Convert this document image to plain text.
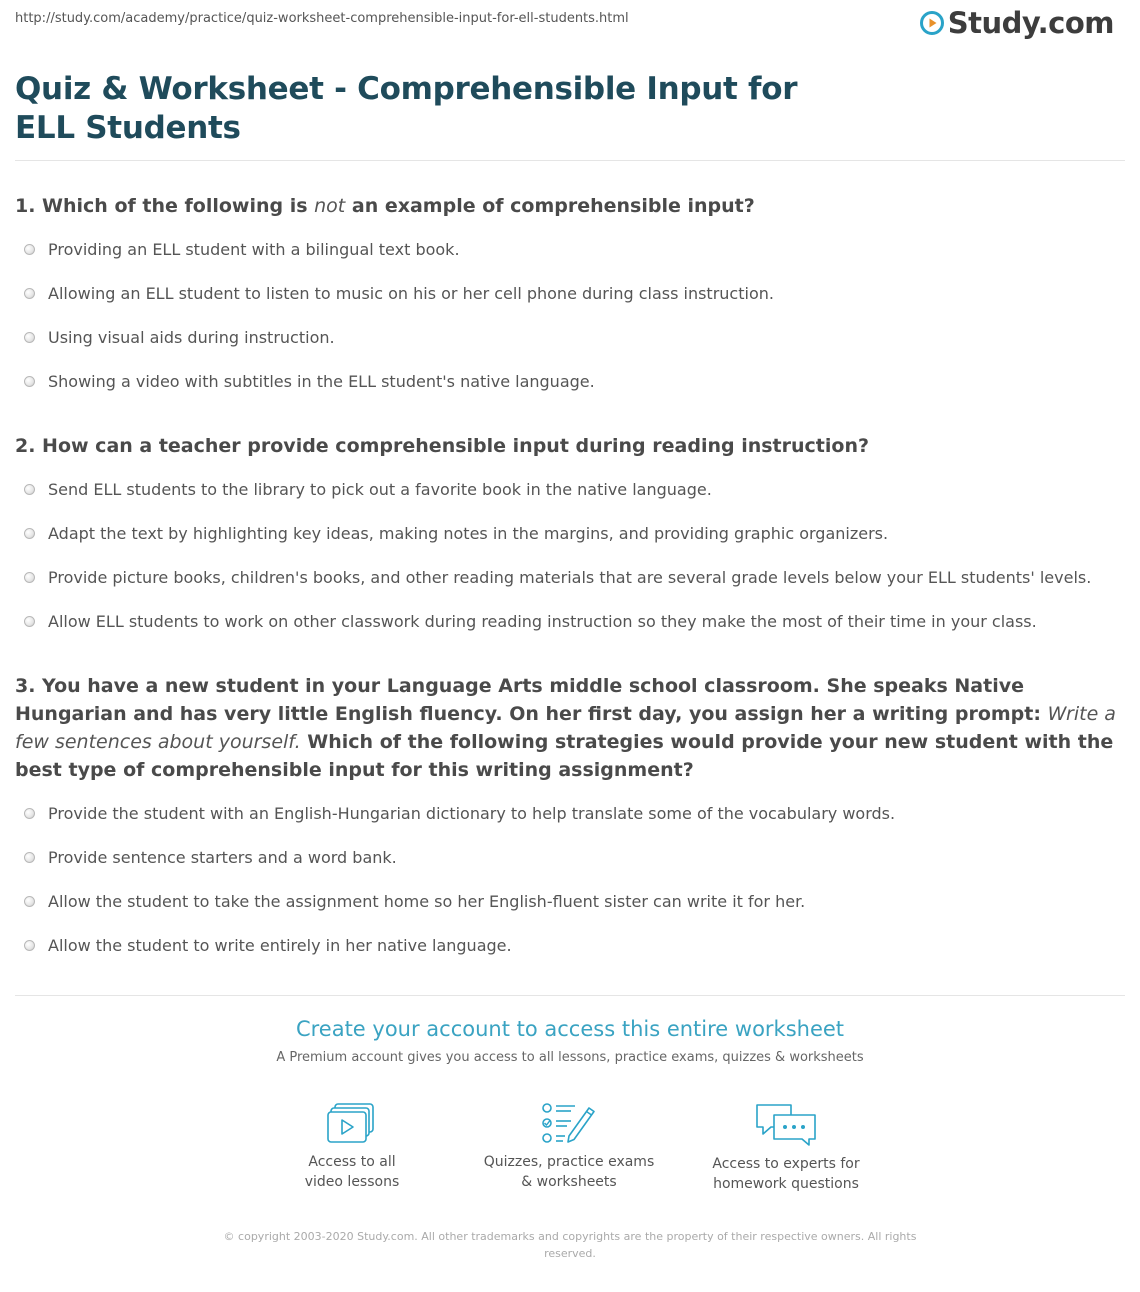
http://study.com/academy/practice/quiz-worksheet-comprehensible-input-for-ell-students.html	Study.com
Quiz & Worksheet - Comprehensible Input for ELL Students

1. Which of the following is not an example of comprehensible input?

Providing an ELL student with a bilingual text book.
Allowing an ELL student to listen to music on his or her cell phone during class instruction.
Using visual aids during instruction.
Showing a video with subtitles in the ELL student's native language.

2. How can a teacher provide comprehensible input during reading instruction?

Send ELL students to the library to pick out a favorite book in the native language.
Adapt the text by highlighting key ideas, making notes in the margins, and providing graphic organizers.
Provide picture books, children's books, and other reading materials that are several grade levels below your ELL students' levels.
Allow ELL students to work on other classwork during reading instruction so they make the most of their time in your class.

3. You have a new student in your Language Arts middle school classroom. She speaks Native Hungarian and has very little English fluency. On her first day, you assign her a writing prompt: Write a few sentences about yourself. Which of the following strategies would provide your new student with the best type of comprehensible input for this writing assignment?

Provide the student with an English-Hungarian dictionary to help translate some of the vocabulary words.
Provide sentence starters and a word bank.
Allow the student to take the assignment home so her English-fluent sister can write it for her.
Allow the student to write entirely in her native language.
Create your account to access this entire worksheet
A Premium account gives you access to all lessons, practice exams, quizzes & worksheets
Access to all
video lessons
Quizzes, practice exams
& worksheets
Access to experts for
homework questions
© copyright 2003-2020 Study.com. All other trademarks and copyrights are the property of their respective owners. All rights reserved.
